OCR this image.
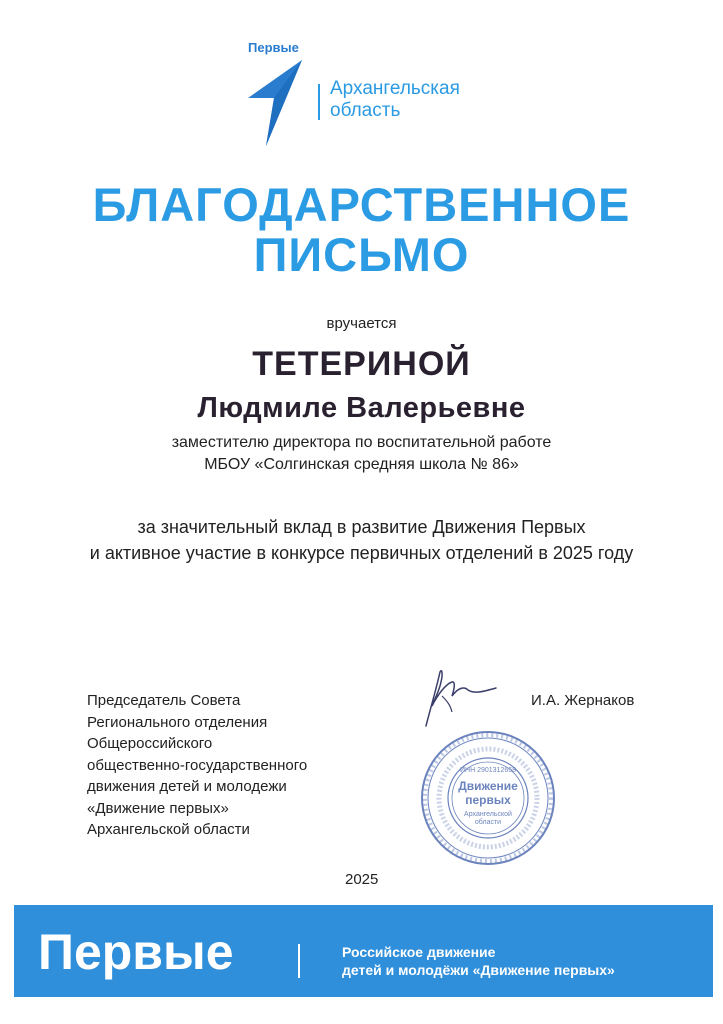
Первые
Архангельская
область
БЛАГОДАРСТВЕННОЕ
ПИСЬМО
вручается
ТЕТЕРИНОЙ
Людмиле Валерьевне
заместителю директора по воспитательной работе
МБОУ «Солгинская средняя школа № 86»
за значительный вклад в развитие Движения Первых
и активное участие в конкурсе первичных отделений в 2025 году
Председатель Совета
Регионального отделения
Общероссийского
общественно-государственного
движения детей и молодежи
«Движение первых»
Архангельской области
ИНН 2901312658
Движение
первых
Архангельской
области
И.А. Жернаков
2025
Первые	Российское движение
детей и молодёжи «Движение первых»
